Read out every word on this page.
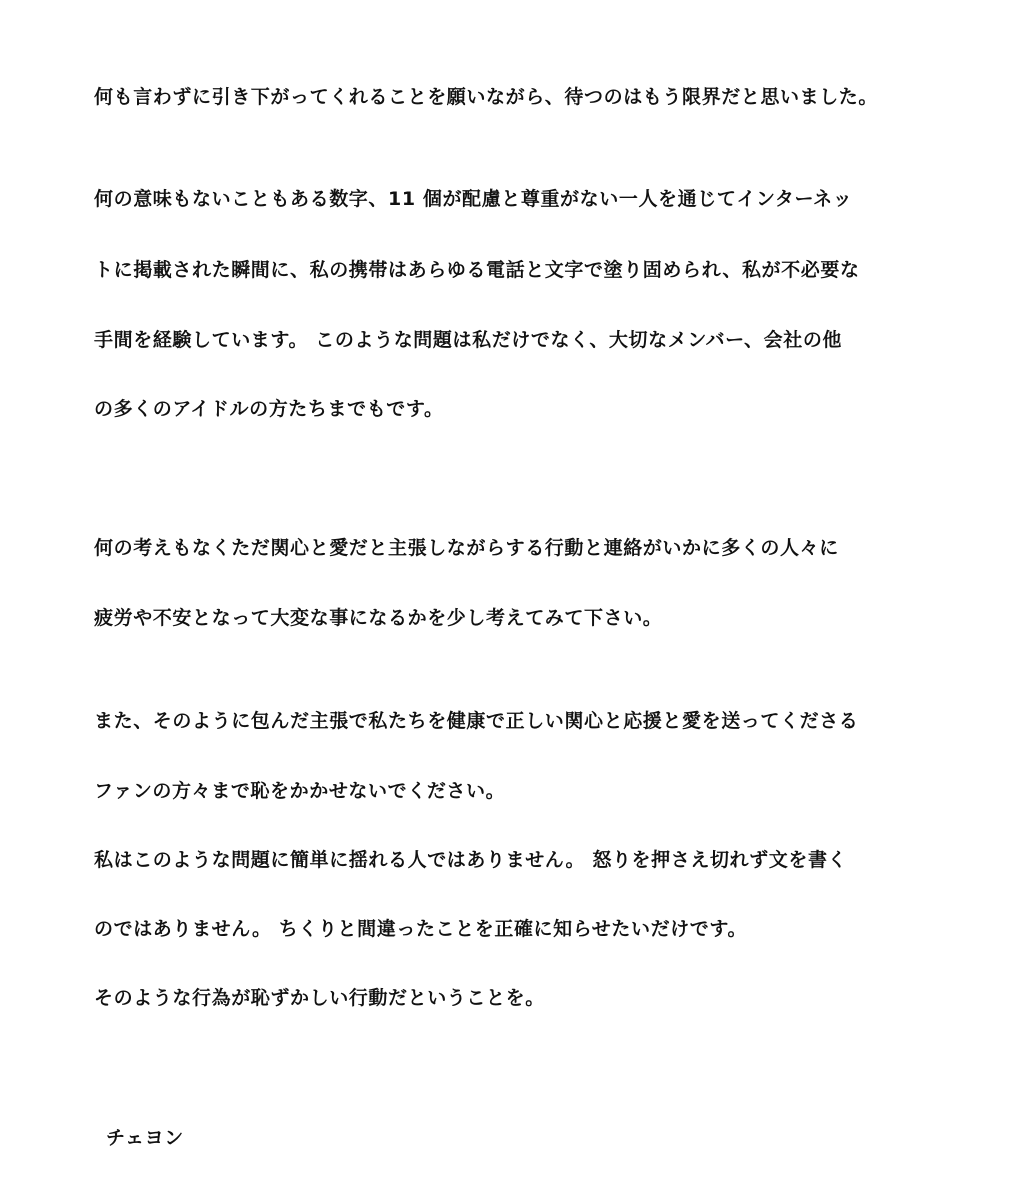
何も言わずに引き下がってくれることを願いながら、待つのはもう限界だと思いました。
何の意味もないこともある数字、11 個が配慮と尊重がない一人を通じてインターネッ
トに掲載された瞬間に、私の携帯はあらゆる電話と文字で塗り固められ、私が不必要な
手間を経験しています。 このような問題は私だけでなく、大切なメンバー、会社の他
の多くのアイドルの方たちまでもです。
何の考えもなくただ関心と愛だと主張しながらする行動と連絡がいかに多くの人々に
疲労や不安となって大変な事になるかを少し考えてみて下さい。
また、そのように包んだ主張で私たちを健康で正しい関心と応援と愛を送ってくださる
ファンの方々まで恥をかかせないでください。
私はこのような問題に簡単に揺れる人ではありません。 怒りを押さえ切れず文を書く
のではありません。 ちくりと間違ったことを正確に知らせたいだけです。
そのような行為が恥ずかしい行動だということを。
チェヨン
